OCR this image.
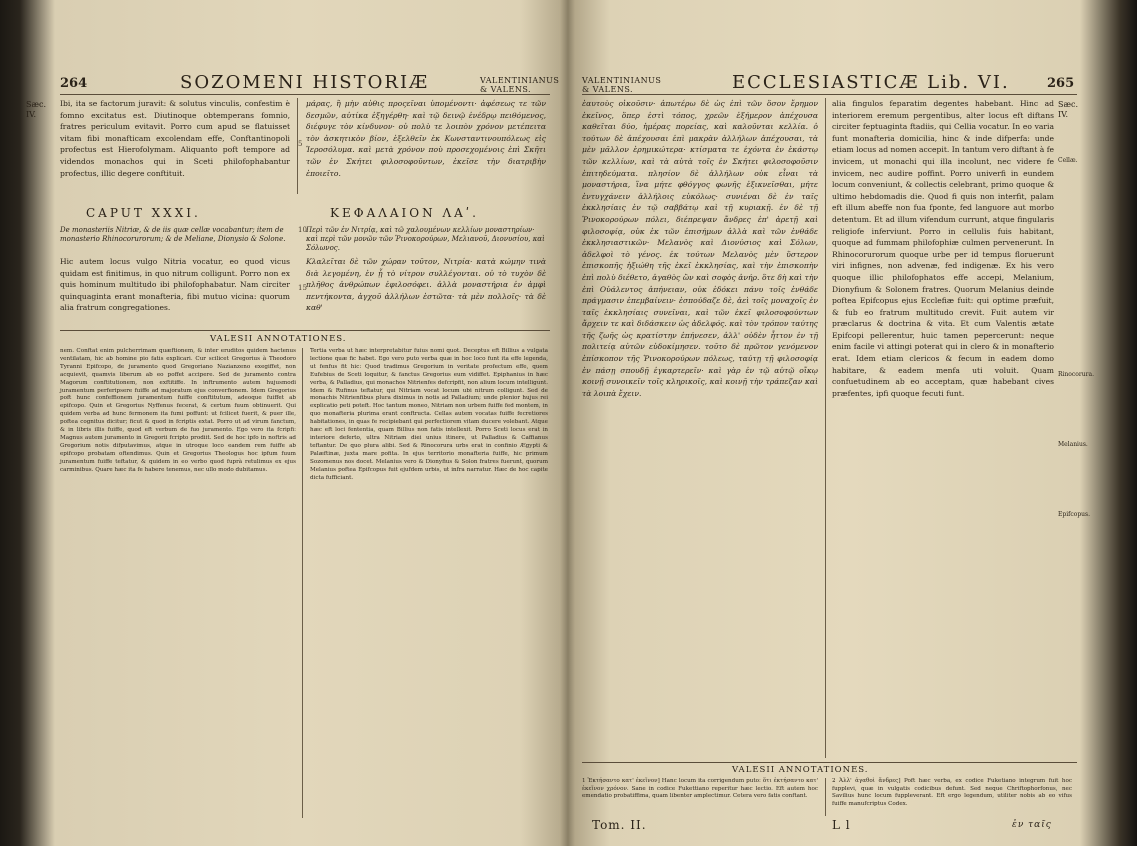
264	SOZOMENI HISTORIÆ	VALENTINIANUS
& VALENS.
Sæc.
IV.
Ibi, ita se factorum juravit: & solutus vinculis, confestim è fomno excitatus est. Diutinoque obtemperans fomnio, fratres periculum evitavit. Porro cum apud se flatuisset vitam fibi monafticam excolendam effe, Conftantinopoli profectus est Hierofolymam. Aliquanto poft tempore ad videndos monachos qui in Sceti philofophabantur profectus, illic degere conftituit.
μάρας, ἢ μὴν αὐθις προςεῖναι ὑπομένοντι· ἀφέσεως τε τῶν δεσμῶν, αὐτίκα ἐξηγέρθη· καὶ τῷ δεινῷ ἐνέδρῳ πειθόμενος, διέφυγε τὸν κίνδυνον· οὐ πολὺ τε λοιπὸν χρόνον μετέπειτα τὸν ἀσκητικὸν βίον, ἐξελθεῖν ἐκ Κωνσταντινουπόλεως εἰς Ἱεροσόλυμα. καὶ μετὰ χρόνον ποὺ προσεχομένοις ἐπὶ Σκῆτι τῶν ἐν Σκήτει φιλοσοφοῦντων, ἐκεῖσε τὴν διατριβὴν ἐποιεῖτο.
5
CAPUT XXXI.	ΚΕΦΑΛΑΙΟΝ ΛΑʹ.
De monasteriis Nitriæ, & de iis quæ cellæ vocabantur; item de monasterio Rhinocorurorum; & de Meliane, Dionysio & Solone.
10 Περὶ τῶν ἐν Νιτρίᾳ, καὶ τῶ χαλουμένων κελλίων μοναστηρίων· καὶ περὶ τῶν μονῶν τῶν Ῥινοκορούρων, Μελιανοῦ, Διονυσίου, καὶ Σόλωνος.
Hic autem locus vulgo Nitria vocatur, eo quod vicus quidam est finitimus, in quo nitrum colligunt. Porro non ex quis hominum multitudo ibi philofophabatur. Nam circiter quinquaginta erant monafteria, fibi mutuo vicina: quorum alia fratrum congregationes.
15
Κλαλεῖται δὲ τῶν χώραν τοῦτον, Νιτρία· κατὰ κώμην τινὰ διὰ λεγομένη, ἐν ᾗ τὸ νίτρον συλλέγονται. οὐ τὸ τυχὸν δὲ πλῆθος ἀνθρώπων ἐφιλοσόφει. ἀλλὰ μοναστήρια ἐν ἀμφὶ πεντήκοντα, ἀγχοῦ ἀλλήλων ἑστῶτα· τὰ μὲν πολλοῖς· τὰ δὲ καθ'
VALESII ANNOTATIONES.
nem. Conftat enim pulcherrimam quæftionem, & inter eruditos quidem hactenus ventilatam, hic ab homine pio fatis explicari. Cur scilicet Gregorius à Theodoro Tyranni Epifcopo, de juramento quod Gregoriano Nazianzeno exegiffet, non acquievit, quamvis liberum ab eo poffet accipere. Sed de juramento contra Magorum conftitutionem, non exftitiffe. In inftrumento autem hujusmodi juramentum perferipsere fuiffe ad majoratum ejus converfionem. Idem Gregorius poft hunc confeffionem juramentum fuiffe conftitutum, adeoque fuiffet ab epifcopo. Quin et Gregorius Nyffenus fecerat, & certum fuum obtinuerit. Qui quidem verba ad hunc fermonem ita fumi poffunt: ut fcilicet fuerit, & puer ille, poftea cognitus dicitur; ficut & quod in fcriptis extat. Porro ut ad virum fanctum, & in libris illis fuiffe, quod eft verbum de fuo juramento. Ego vero ita fcripfi: Magnus autem juramento in Gregorii fcripto prodiit. Sed de hoc ipfo in noftris ad Gregorium notis difputavimus, atque in utroque loco eandem rem fuiffe ab epifcopo probatam oftendimus. Quin et Gregorius Theologus hoc ipfum fuum juramentum fuiffe teftatur, & quidem in eo verbo quod fuprà retulimus ex ejus carminibus. Quare hæc ita fe habere tenemus, nec ullo modo dubitamus.
Tertia verba ut hæc interpretabitur fuius nomi quot. Deceptus eft Billius a vulgata lectione quæ fic habet. Ego vero puto verba quæ in hoc loco funt ita effe legenda, ut fenfus fit hic: Quod tradimus Gregorium in veritate profectum effe, quem Eufebius de Sceti loquitur, & fanctus Gregorius eum vidiffet. Epiphanius in hæc verba, & Palladius, qui monachos Nitrienfes defcripfit, non alium locum intelligunt. Idem & Rufinus teftatur, qui Nitriam vocat locum ubi nitrum colligunt. Sed de monachis Nitrienfibus plura diximus in notis ad Palladium; unde plenior hujus rei explicatio peti poteft. Hoc tantum moneo, Nitriam non urbem fuiffe fed montem, in quo monafteria plurima erant conftructa. Cellas autem vocatas fuiffe fecretiores habitationes, in quas fe recipiebant qui perfectiorem vitam ducere volebant. Atque hæc eft loci fententia, quam Billius non fatis intellexit. Porro Sceti locus erat in interiore deferto, ultra Nitriam diei unius itinere, ut Palladius & Caffianus teftantur. De quo plura alibi. Sed & Rinocorura urbs erat in confinio Ægypti & Palæftinæ, juxta mare pofita. In ejus territorio monafteria fuiffe, hic primum Sozomenus nos docet. Melanius vero & Dionyfius & Solon fratres fuerunt, quorum Melanius poftea Epifcopus fuit ejufdem urbis, ut infra narratur. Hæc de hoc capite dicta fufficiant.
VALENTINIANUS
& VALENS.	ECCLESIASTICÆ Lib. VI.	265
ἑαυτοὺς οἰκοῦσιν· ἀπωτέρω δὲ ὡς ἐπὶ τῶν ὅσον ἔρημον ἐκεῖνος, ὅπερ ἐστὶ τόπος, χρεῶν ἐξήμερον ἀπέχουσα καθεῖται δύο, ἡμέρας πορείας, καὶ καλοῦνται κελλία. ὀ τούτων δὲ ἀπέχουσαι ἐπὶ μακρὰν ἀλλήλων ἀπέχουσαι, τὰ μὲν μᾶλλον ἐρημικώτερα· κτίσματα τε ἐχόντα ἐν ἑκάστῳ τῶν κελλίων, καὶ τὰ αὐτὰ τοῖς ἐν Σκήτει φιλοσοφοῦσιν ἐπιτηδεύματα. πλησίον δὲ ἀλλήλων οὐκ εἶναι τὰ μοναστήρια, ἵνα μήτε φθόγγος φωνῆς ἐξικνεῖσθαι, μήτε ἐντυγχάνειν ἀλλήλοις εὐκόλως· συνιέναι δὲ ἐν ταῖς ἐκκλησίαις ἐν τῷ σαββάτῳ καὶ τῇ κυριακῇ. ἐν δὲ τῇ Ῥινοκορούρων πόλει, διέπρεψαν ἄνδρες ἐπ' ἀρετῇ καὶ φιλοσοφίᾳ, οὐκ ἐκ τῶν ἐπισήμων ἀλλὰ καὶ τῶν ἐνθάδε ἐκκλησιαστικῶν· Μελανὸς καὶ Διονύσιος καὶ Σόλων, ἀδελφοὶ τὸ γένος. ἐκ τούτων Μελανὸς μὲν ὕστερον ἐπισκοπῆς ἡξιώθη τῆς ἐκεῖ ἐκκλησίας, καὶ τὴν ἐπισκοπὴν ἐπὶ πολὺ διέθετο, ἀγαθὸς ὢν καὶ σοφὸς ἀνήρ. ὅτε δὴ καὶ τὴν ἐπὶ Οὐάλεντος ἀπήνειαν, οὐκ ἐδόκει πάνυ τοῖς ἐνθάδε πράγμασιν ἐπεμβαίνειν· ἐσπούδαζε δὲ, ἀεὶ τοῖς μοναχοῖς ἐν ταῖς ἐκκλησίαις συνεῖναι, καὶ τῶν ἐκεῖ φιλοσοφούντων ἄρχειν τε καὶ διδάσκειν ὡς ἀδελφός. καὶ τὸν τρόπον ταύτης τῆς ζωῆς ὡς κρατίστην ἐπήνεσεν, ἀλλ' οὐδὲν ἧττον ἐν τῇ πολιτείᾳ αὐτῶν εὐδοκίμησεν. τοῦτο δὲ πρῶτον γενόμενον ἐπίσκοπον τῆς Ῥινοκορούρων πόλεως, ταύτῃ τῇ φιλοσοφίᾳ ἐν πάσῃ σπουδῇ ἐγκαρτερεῖν· καὶ γὰρ ἐν τῷ αὐτῷ οἴκῳ κοινῇ συνοικεῖν τοῖς κληρικοῖς, καὶ κοινῇ τὴν τράπεζαν καὶ τὰ λοιπὰ ἔχειν.
alia fingulos feparatim degentes habebant. Hinc ad interiorem eremum pergentibus, alter locus eft diftans circiter feptuaginta ftadiis, qui Cellia vocatur. In eo varia funt monafteria domicilia, hinc & inde difperfa: unde etiam locus ad nomen accepit. In tantum vero diftant à fe invicem, ut monachi qui illa incolunt, nec videre fe invicem, nec audire poffint. Porro univerfi in eundem locum conveniunt, & collectis celebrant, primo quoque & ultimo hebdomadis die. Quod fi quis non interfit, palam eft illum abeffe non fua fponte, fed languore aut morbo detentum. Et ad illum vifendum currunt, atque fingularis religiofe inferviunt. Porro in cellulis fuis habitant, quoque ad fummam philofophiæ culmen pervenerunt. In Rhinocorurorum quoque urbe per id tempus floruerunt viri infignes, non advenæ, fed indigenæ. Ex his vero quoque illic philofophatos effe accepi, Melanium, Dionyfium & Solonem fratres. Quorum Melanius deinde poftea Epifcopus ejus Ecclefiæ fuit: qui optime præfuit, & fub eo fratrum multitudo crevit. Fuit autem vir præclarus & doctrina & vita. Et cum Valentis ætate Epifcopi pellerentur, huic tamen pepercerunt: neque enim facile vi attingi poterat qui in clero & in monafterio erat. Idem etiam clericos & fecum in eadem domo habitare, & eadem menfa uti voluit. Quam confuetudinem ab eo acceptam, quæ habebant cives præfentes, ipfi quoque fecuti funt.
Sæc.
IV.
Cellæ.
Rinocorura.
Melanius.
Epifcopus.
VALESII ANNOTATIONES.
1 Ἐκτήσαντο κατ' ἐκεῖνον] Hanc locum ita corrigendum puto: ὅτι ἐκτήσαντο κατ' ἐκεῖνον χρόνον. Sane in codice Fukettiano reperitur hæc lectio. Eft autem hoc emendatio probatiffima, quam libenter amplectimur. Cetera vero fatis conftant.
2 Ἀλλ' ἀγαθοὶ ἄνδρες] Poft hæc verba, ex codice Fuketiano integrum fuit hoc fupplevi, quæ in vulgatis codicibus defunt. Sed neque Chriftophorfonus, nec Savilius hunc locum fuppleverant. Eft ergo legendum, utiliter nobis ab eo vifus fuiffe manufcriptus Codex.
Tom. II.	L l	ἐν ταῖς
